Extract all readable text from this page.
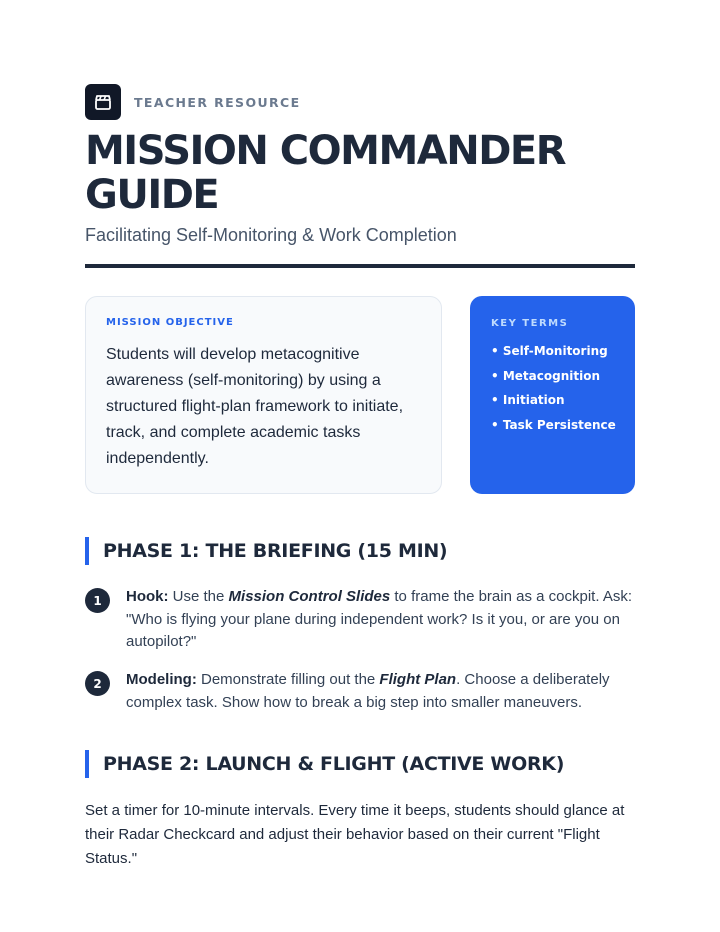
TEACHER RESOURCE
MISSION COMMANDER
GUIDE
Facilitating Self-Monitoring & Work Completion
MISSION OBJECTIVE

Students will develop metacognitive awareness (self-monitoring) by using a structured flight-plan framework to initiate, track, and complete academic tasks independently.

KEY TERMS
• Self-Monitoring
• Metacognition
• Initiation
• Task Persistence
PHASE 1: THE BRIEFING (15 MIN)
1	Hook: Use the Mission Control Slides to frame the brain as a cockpit. Ask: "Who is flying your plane during independent work? Is it you, or are you on autopilot?"

2	Modeling: Demonstrate filling out the Flight Plan. Choose a deliberately complex task. Show how to break a big step into smaller maneuvers.

PHASE 2: LAUNCH & FLIGHT (ACTIVE WORK)

Set a timer for 10-minute intervals. Every time it beeps, students should glance at their Radar Checkcard and adjust their behavior based on their current "Flight Status."
